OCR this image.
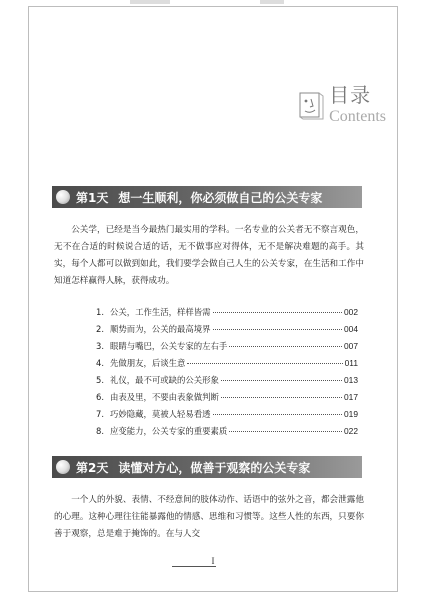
目录
Contents
第1天 想一生顺利，你必须做自己的公关专家
公关学，已经是当今最热门最实用的学科。一名专业的公关者无不察言观色，无不在合适的时候说合适的话，无不做事应对得体，无不是解决难题的高手。其实，每个人都可以做到如此，我们要学会做自己人生的公关专家，在生活和工作中知道怎样赢得人脉，获得成功。
1. 公关，工作生活，样样皆需	002
2. 顺势而为，公关的最高境界	004
3. 眼睛与嘴巴，公关专家的左右手	007
4. 先做朋友，后谈生意	011
5. 礼仪，最不可或缺的公关形象	013
6. 由表及里，不要由表象做判断	017
7. 巧妙隐藏，莫被人轻易看透	019
8. 应变能力，公关专家的重要素质	022
第2天 读懂对方心，做善于观察的公关专家
一个人的外貌、表情、不经意间的肢体动作、话语中的弦外之音，都会泄露他的心理。这种心理往往能暴露他的情感、思维和习惯等。这些人性的东西，只要你善于观察，总是难于掩饰的。在与人交
I
